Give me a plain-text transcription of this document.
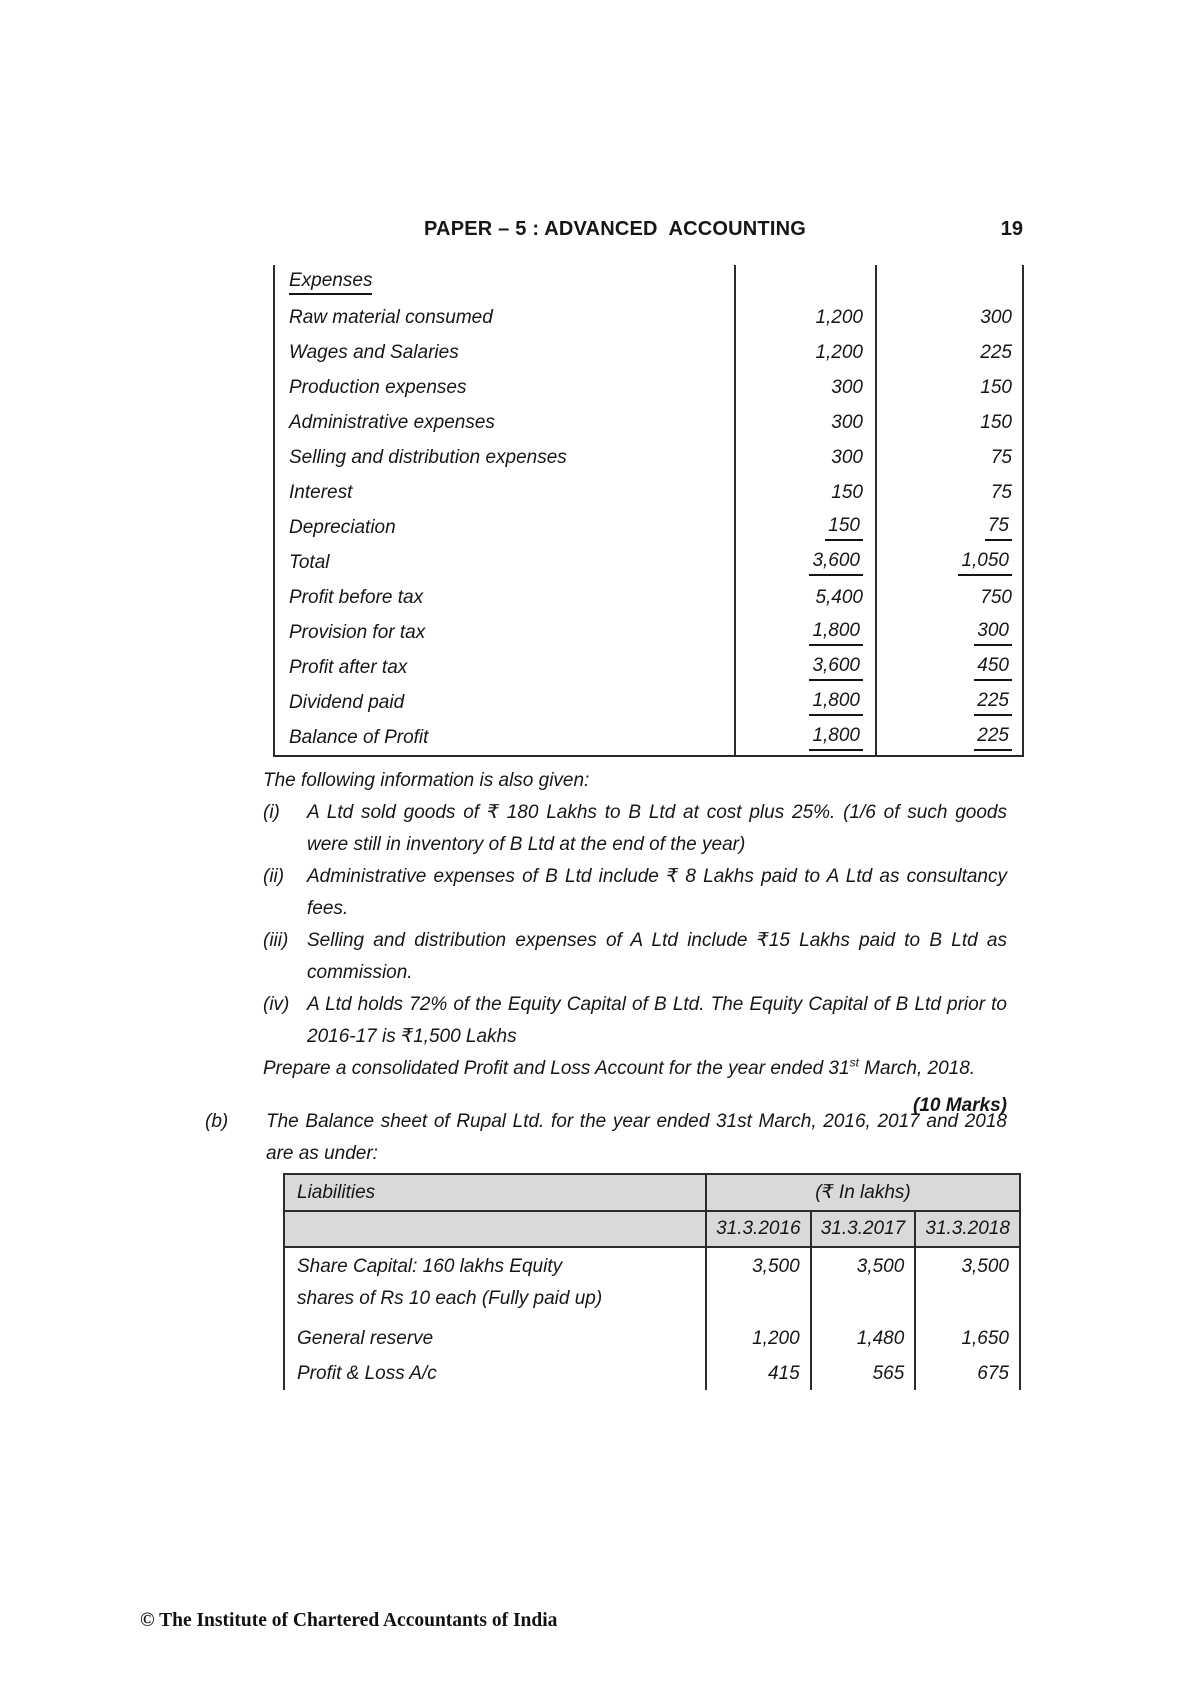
PAPER – 5 : ADVANCED  ACCOUNTING	19
Expenses		
Raw material consumed	1,200	300
Wages and Salaries	1,200	225
Production expenses	300	150
Administrative expenses	300	150
Selling and distribution expenses	300	75
Interest	150	75
Depreciation	150	75
Total	3,600	1,050
Profit before tax	5,400	750
Provision for tax	1,800	300
Profit after tax	3,600	450
Dividend paid	1,800	225
Balance of Profit	1,800	225
The following information is also given:
(i)	A Ltd sold goods of ₹ 180 Lakhs to B Ltd at cost plus 25%. (1/6 of such goods were still in inventory of B Ltd at the end of the year)
(ii)	Administrative expenses of B Ltd include ₹ 8 Lakhs paid to A Ltd as consultancy fees.
(iii) Selling and distribution expenses of A Ltd include ₹15 Lakhs paid to B Ltd as commission.
(iv) A Ltd holds 72% of the Equity Capital of B Ltd. The Equity Capital of B Ltd prior to 2016-17 is ₹1,500 Lakhs
Prepare a consolidated Profit and Loss Account for the year ended 31st March, 2018.
(10 Marks)
(b) The Balance sheet of Rupal Ltd. for the year ended 31st March, 2016, 2017 and 2018 are as under:
Liabilities	(₹ In lakhs)		
	31.3.2016	31.3.2017	31.3.2018

Share Capital: 160 lakhs Equity
shares of Rs 10 each (Fully paid up)	3,500	3,500	3,500

General reserve	1,200	1,480	1,650

Profit & Loss A/c	415	565	675
© The Institute of Chartered Accountants of India
